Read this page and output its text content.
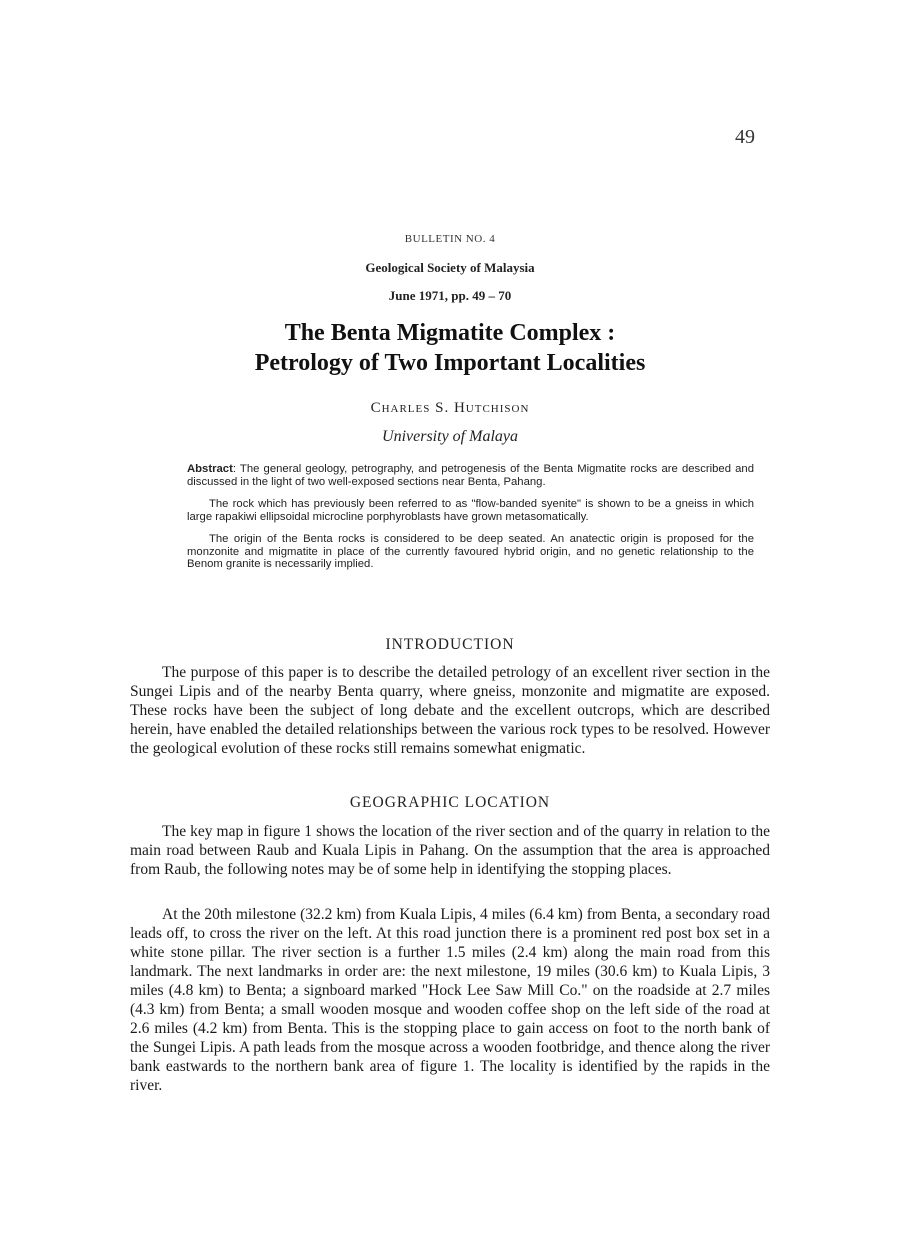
49
BULLETIN NO. 4
Geological Society of Malaysia
June 1971, pp. 49 – 70
The Benta Migmatite Complex :
Petrology of Two Important Localities
Charles S. Hutchison
University of Malaya

Abstract: The general geology, petrography, and petrogenesis of the Benta Migmatite rocks are described and discussed in the light of two well-exposed sections near Benta, Pahang.

The rock which has previously been referred to as "flow-banded syenite" is shown to be a gneiss in which large rapakiwi ellipsoidal microcline porphyroblasts have grown metasomatically.

The origin of the Benta rocks is considered to be deep seated. An anatectic origin is proposed for the monzonite and migmatite in place of the currently favoured hybrid origin, and no genetic relationship to the Benom granite is necessarily implied.

INTRODUCTION

The purpose of this paper is to describe the detailed petrology of an excellent river section in the Sungei Lipis and of the nearby Benta quarry, where gneiss, monzonite and migmatite are exposed. These rocks have been the subject of long debate and the excellent outcrops, which are described herein, have enabled the detailed relationships between the various rock types to be resolved. However the geological evolution of these rocks still remains somewhat enigmatic.

GEOGRAPHIC LOCATION

The key map in figure 1 shows the location of the river section and of the quarry in relation to the main road between Raub and Kuala Lipis in Pahang. On the assumption that the area is approached from Raub, the following notes may be of some help in identifying the stopping places.

At the 20th milestone (32.2 km) from Kuala Lipis, 4 miles (6.4 km) from Benta, a secondary road leads off, to cross the river on the left. At this road junction there is a prominent red post box set in a white stone pillar. The river section is a further 1.5 miles (2.4 km) along the main road from this landmark. The next landmarks in order are: the next milestone, 19 miles (30.6 km) to Kuala Lipis, 3 miles (4.8 km) to Benta; a signboard marked "Hock Lee Saw Mill Co." on the roadside at 2.7 miles (4.3 km) from Benta; a small wooden mosque and wooden coffee shop on the left side of the road at 2.6 miles (4.2 km) from Benta. This is the stopping place to gain access on foot to the north bank of the Sungei Lipis. A path leads from the mosque across a wooden footbridge, and thence along the river bank eastwards to the northern bank area of figure 1. The locality is identified by the rapids in the river.
